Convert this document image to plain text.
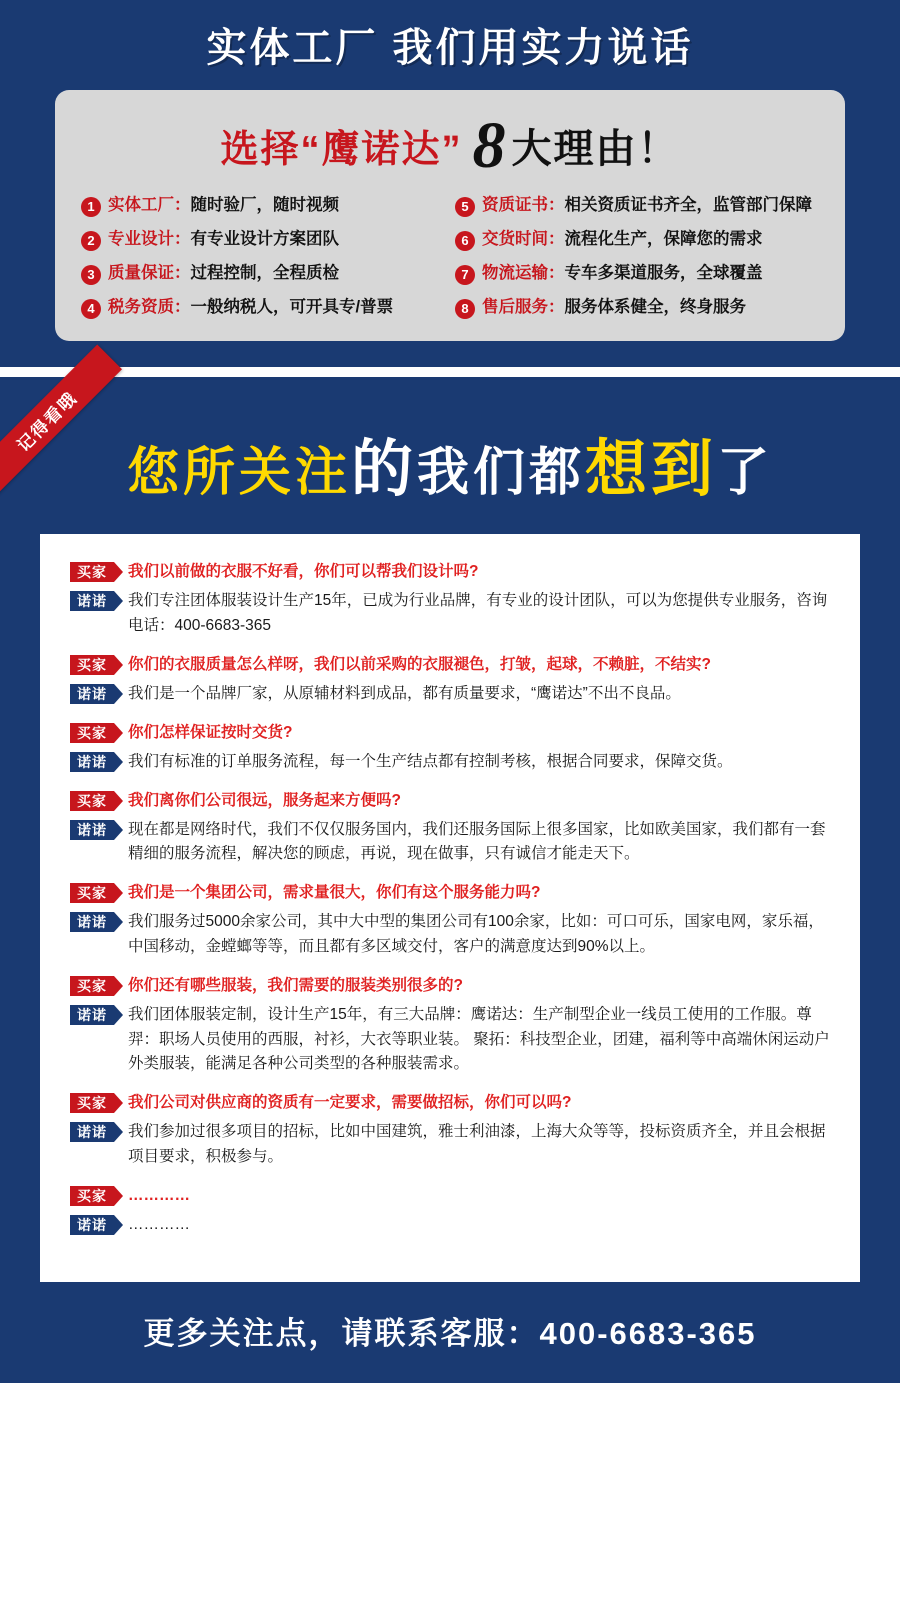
实体工厂 我们用实力说话
选择“鹰诺达” 8 大理由！
1 实体工厂：随时验厂，随时视频	5 资质证书：相关资质证书齐全，监管部门保障
2 专业设计：有专业设计方案团队	6 交货时间：流程化生产，保障您的需求
3 质量保证：过程控制，全程质检	7 物流运输：专车多渠道服务，全球覆盖
4 税务资质：一般纳税人，可开具专/普票	8 售后服务：服务体系健全，终身服务
记得看哦
您所关注的我们都想到了
买家	我们以前做的衣服不好看，你们可以帮我们设计吗?
诺诺	我们专注团体服装设计生产15年，已成为行业品牌，有专业的设计团队，可以为您提供专业服务，咨询电话：400-6683-365
买家	你们的衣服质量怎么样呀，我们以前采购的衣服褪色，打皱，起球，不赖脏，不结实?
诺诺	我们是一个品牌厂家，从原辅材料到成品，都有质量要求，“鹰诺达”不出不良品。
买家	你们怎样保证按时交货?
诺诺	我们有标准的订单服务流程，每一个生产结点都有控制考核，根据合同要求，保障交货。
买家	我们离你们公司很远，服务起来方便吗?
诺诺	现在都是网络时代，我们不仅仅服务国内，我们还服务国际上很多国家，比如欧美国家，我们都有一套精细的服务流程，解决您的顾虑，再说，现在做事，只有诚信才能走天下。
买家	我们是一个集团公司，需求量很大，你们有这个服务能力吗?
诺诺	我们服务过5000余家公司，其中大中型的集团公司有100余家，比如：可口可乐，国家电网，家乐福，中国移动，金螳螂等等，而且都有多区域交付，客户的满意度达到90%以上。
买家	你们还有哪些服装，我们需要的服装类别很多的?
诺诺	我们团体服装定制，设计生产15年，有三大品牌：鹰诺达：生产制型企业一线员工使用的工作服。尊羿：职场人员使用的西服，衬衫，大衣等职业装。 聚拓：科技型企业，团建，福利等中高端休闲运动户外类服装，能满足各种公司类型的各种服装需求。
买家	我们公司对供应商的资质有一定要求，需要做招标，你们可以吗?
诺诺	我们参加过很多项目的招标，比如中国建筑，雅士利油漆，上海大众等等，投标资质齐全，并且会根据项目要求，积极参与。
买家	…………
诺诺	…………
更多关注点，请联系客服：400-6683-365
